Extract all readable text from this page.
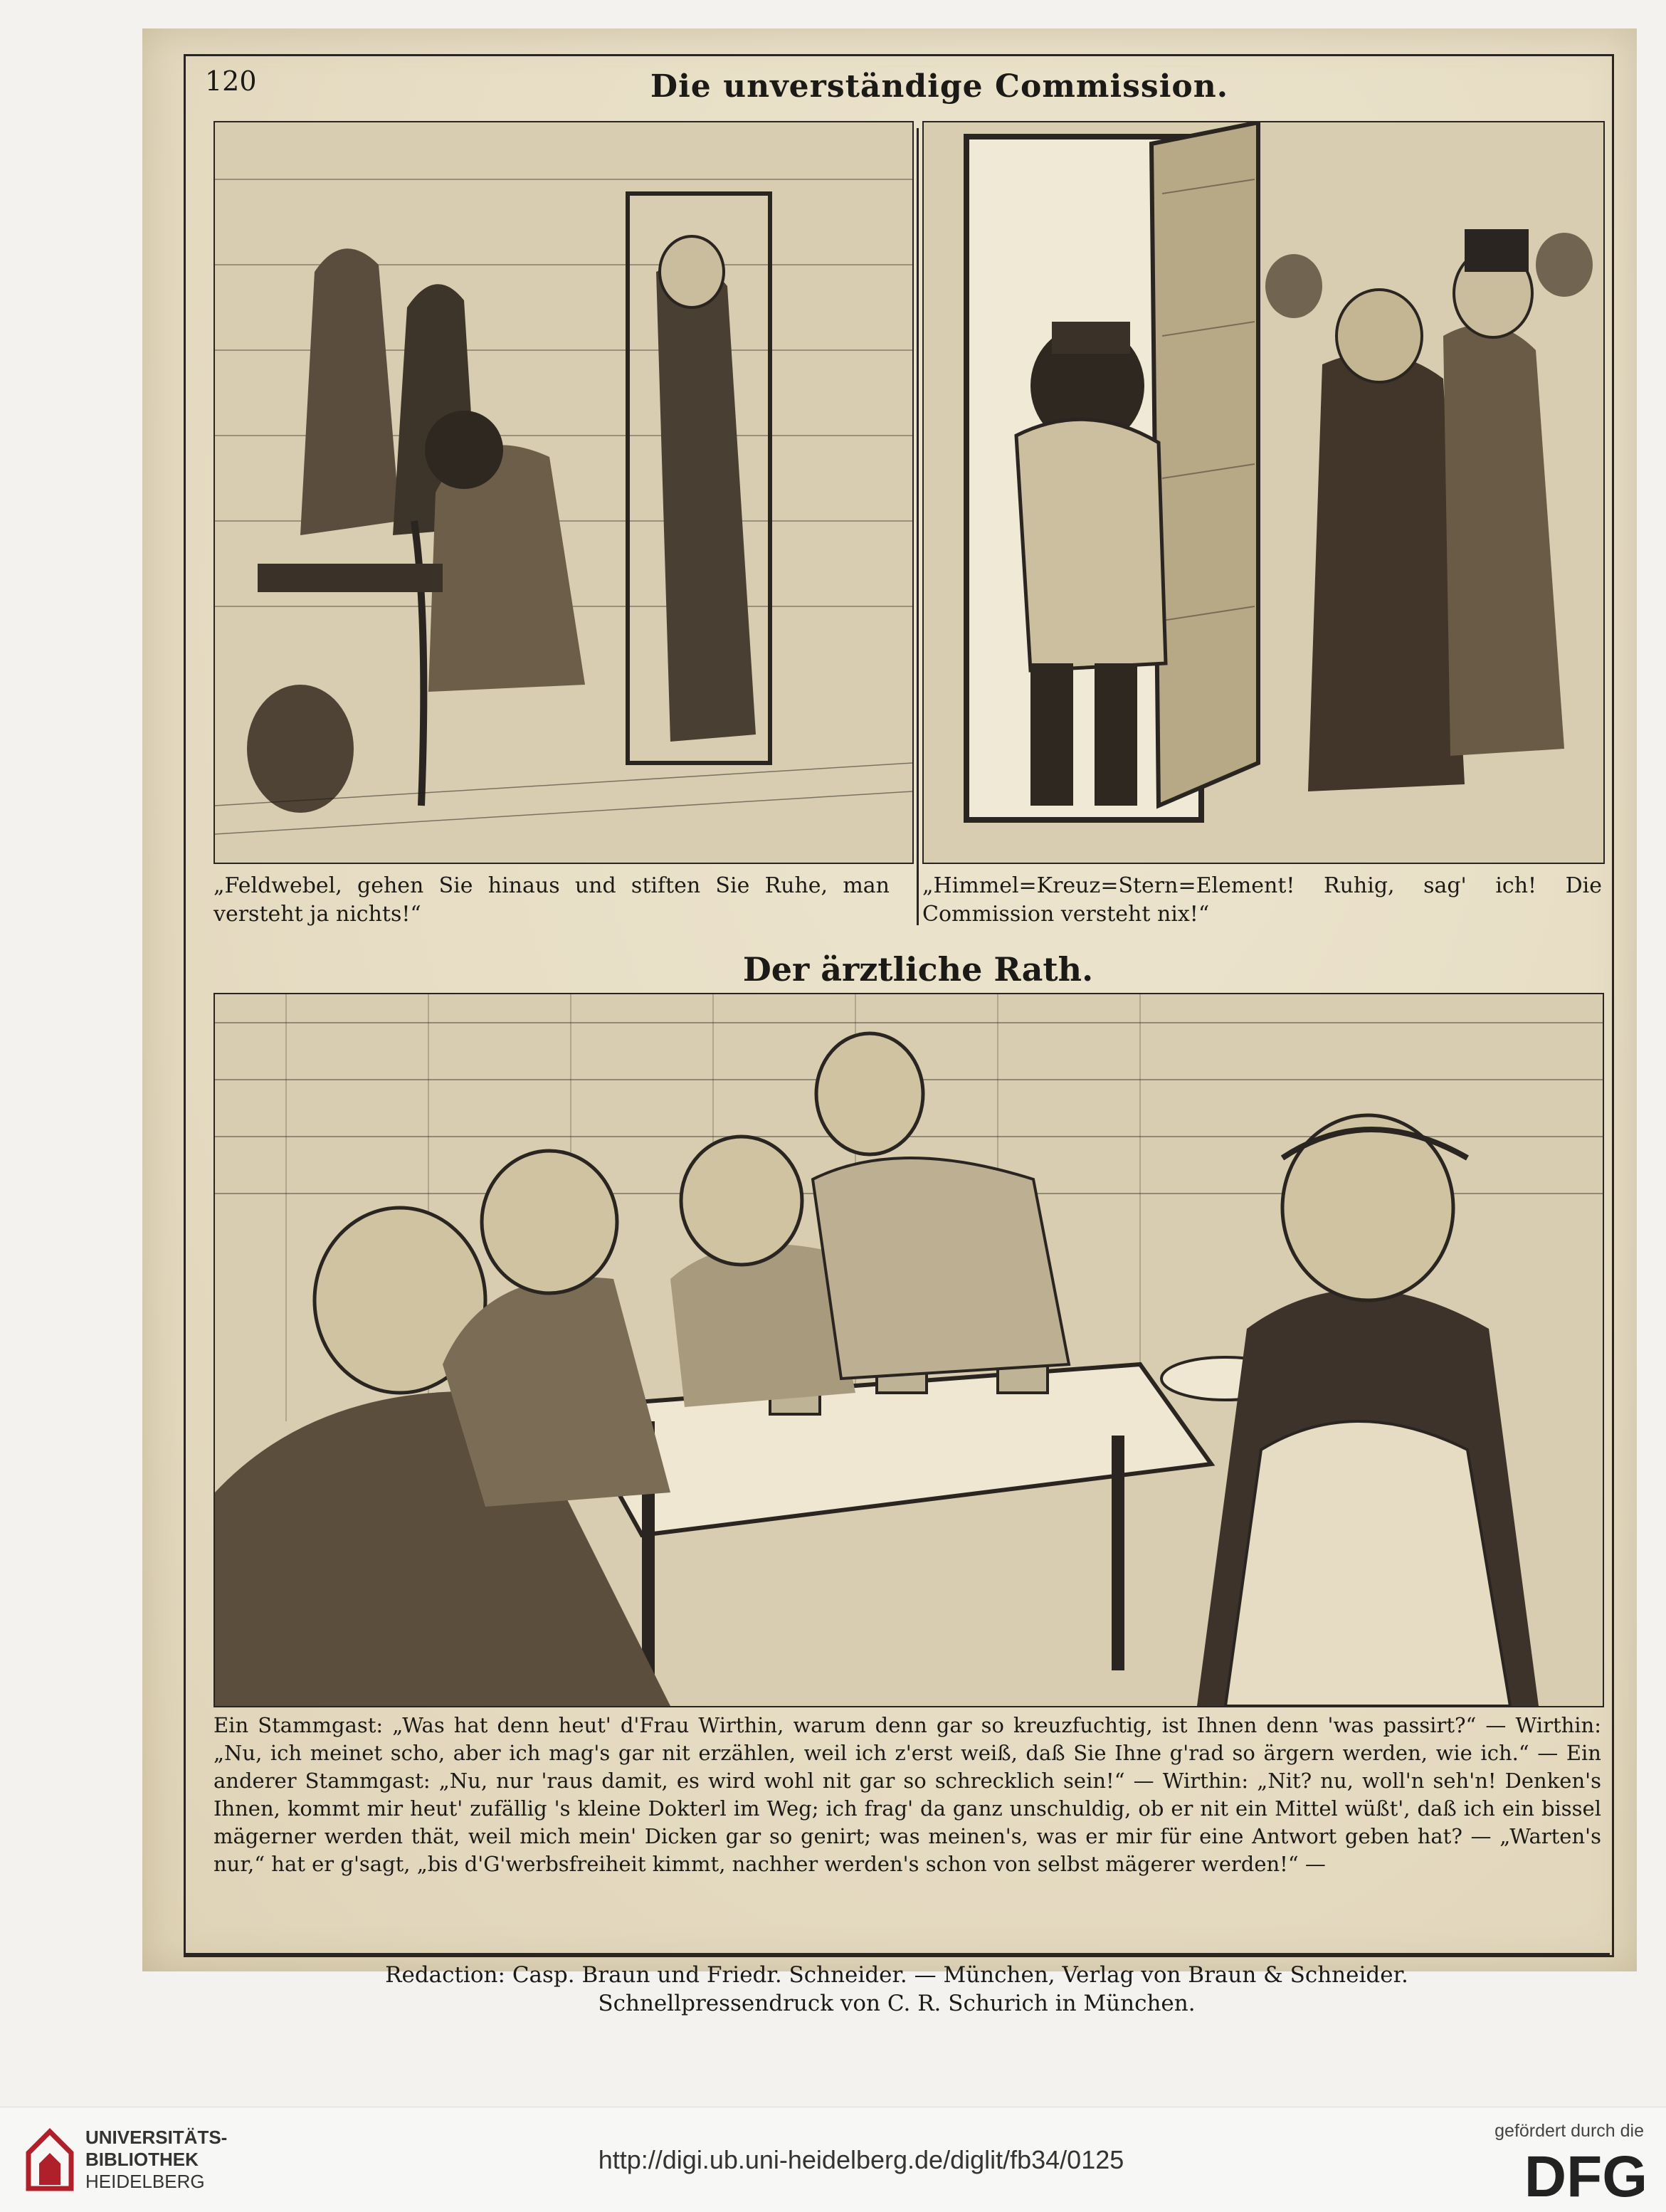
120	Die unverständige Commission.
„Feldwebel, gehen Sie hinaus und stiften Sie Ruhe, man versteht ja nichts!“
„Himmel=Kreuz=Stern=Element! Ruhig, sag' ich! Die Commission versteht nix!“
Der ärztliche Rath.
Ein Stammgast: „Was hat denn heut' d'Frau Wirthin, warum denn gar so kreuzfuchtig, ist Ihnen denn 'was passirt?“ — Wirthin: „Nu, ich meinet scho, aber ich mag's gar nit erzählen, weil ich z'erst weiß, daß Sie Ihne g'rad so ärgern werden, wie ich.“ — Ein anderer Stammgast: „Nu, nur 'raus damit, es wird wohl nit gar so schrecklich sein!“ — Wirthin: „Nit? nu, woll'n seh'n! Denken's Ihnen, kommt mir heut' zufällig 's kleine Dokterl im Weg; ich frag' da ganz unschuldig, ob er nit ein Mittel wüßt', daß ich ein bissel mägerner werden thät, weil mich mein' Dicken gar so genirt; was meinen's, was er mir für eine Antwort geben hat? — „Warten's nur,“ hat er g'sagt, „bis d'G'werbsfreiheit kimmt, nachher werden's schon von selbst mägerer werden!“ —
Redaction: Casp. Braun und Friedr. Schneider. — München, Verlag von Braun & Schneider.
Schnellpressendruck von C. R. Schurich in München.
UNIVERSITÄTS-
BIBLIOTHEK
HEIDELBERG
http://digi.ub.uni-heidelberg.de/diglit/fb34/0125
gefördert durch die
DFG
